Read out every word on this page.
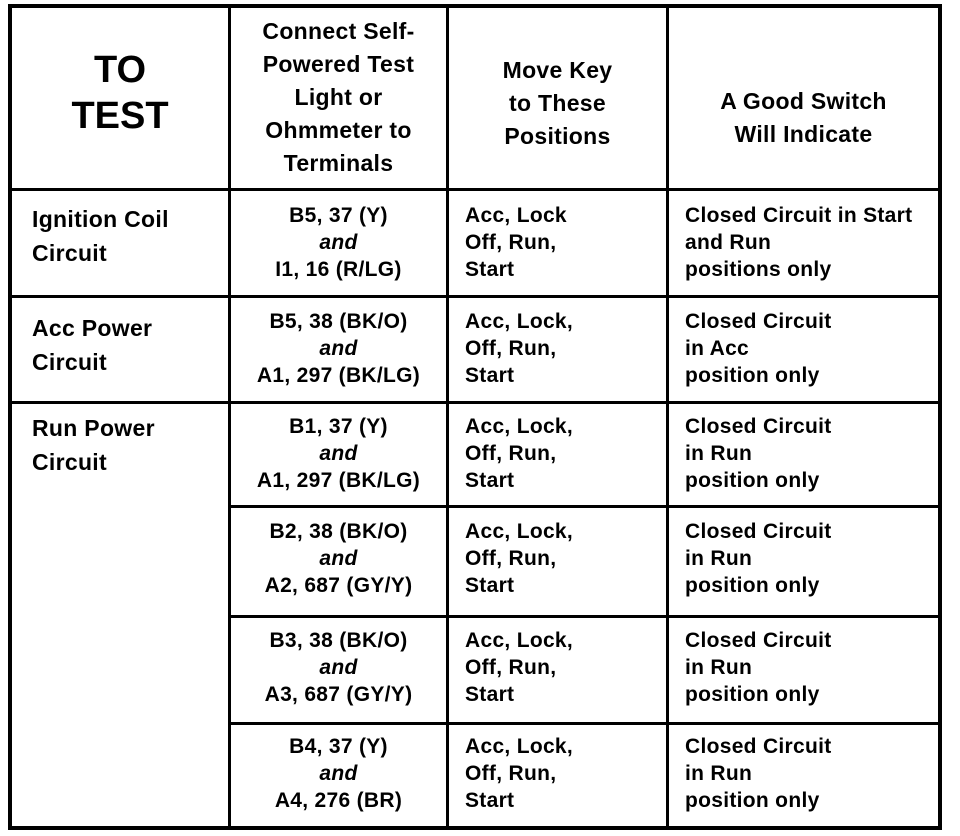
TO
TEST
Connect Self-
Powered Test
Light or
Ohmmeter to
Terminals
Move Key
to These
Positions
A Good Switch
Will Indicate
Ignition Coil
Circuit
Acc Power
Circuit
Run Power
Circuit
B5, 37 (Y)
and
I1, 16 (R/LG)
Acc, Lock
Off, Run,
Start
Closed Circuit in Start
and Run
positions only
B5, 38 (BK/O)
and
A1, 297 (BK/LG)
Acc, Lock,
Off, Run,
Start
Closed Circuit
in Acc
position only
B1, 37 (Y)
and
A1, 297 (BK/LG)
Acc, Lock,
Off, Run,
Start
Closed Circuit
in Run
position only
B2, 38 (BK/O)
and
A2, 687 (GY/Y)
Acc, Lock,
Off, Run,
Start
Closed Circuit
in Run
position only
B3, 38 (BK/O)
and
A3, 687 (GY/Y)
Acc, Lock,
Off, Run,
Start
Closed Circuit
in Run
position only
B4, 37 (Y)
and
A4, 276 (BR)
Acc, Lock,
Off, Run,
Start
Closed Circuit
in Run
position only
